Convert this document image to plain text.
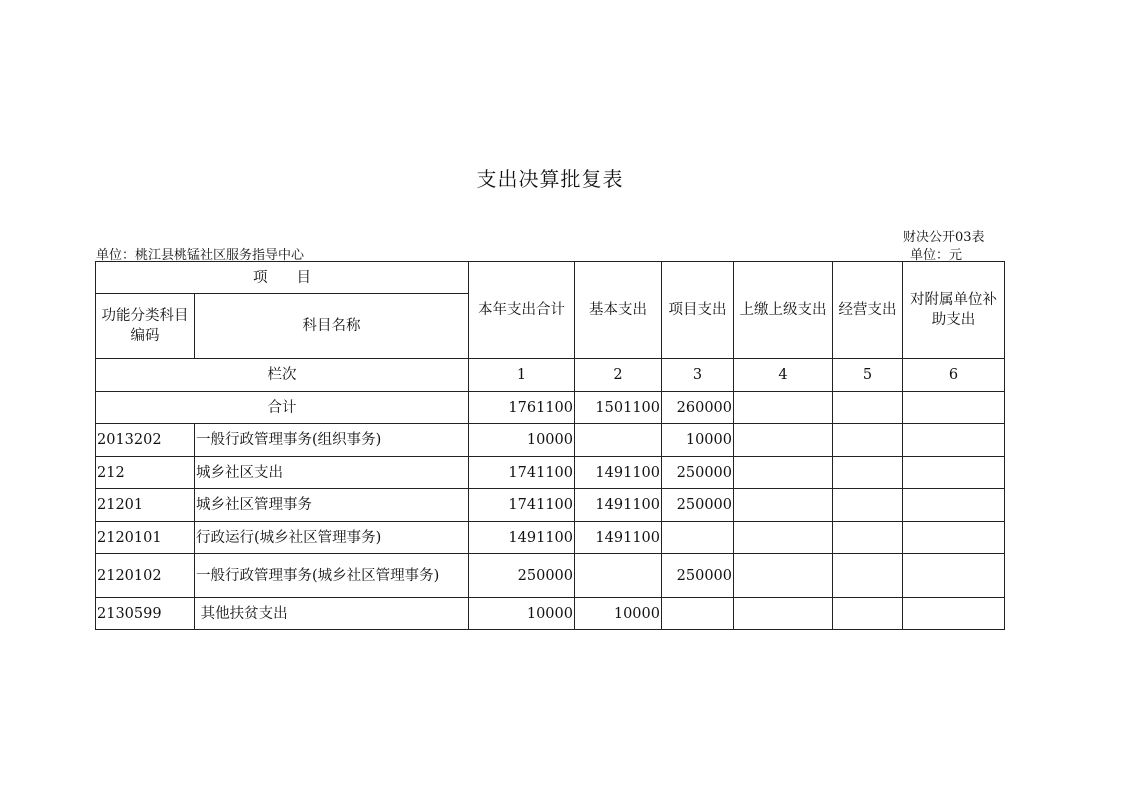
支出决算批复表
财决公开03表
单位：元
单位：桃江县桃锰社区服务指导中心
项　　目		本年支出合计	基本支出	项目支出	上缴上级支出	经营支出	对附属单位补助支出
功能分类科目编码	科目名称						
栏次		1	2	3	4	5	6
合计		1761100	1501100	260000			
2013202	一般行政管理事务(组织事务)	10000		10000			
212	城乡社区支出	1741100	1491100	250000			
21201	城乡社区管理事务	1741100	1491100	250000			
2120101	行政运行(城乡社区管理事务)	1491100	1491100				
2120102	一般行政管理事务(城乡社区管理事务)	250000		250000			
2130599	其他扶贫支出	10000	10000				
